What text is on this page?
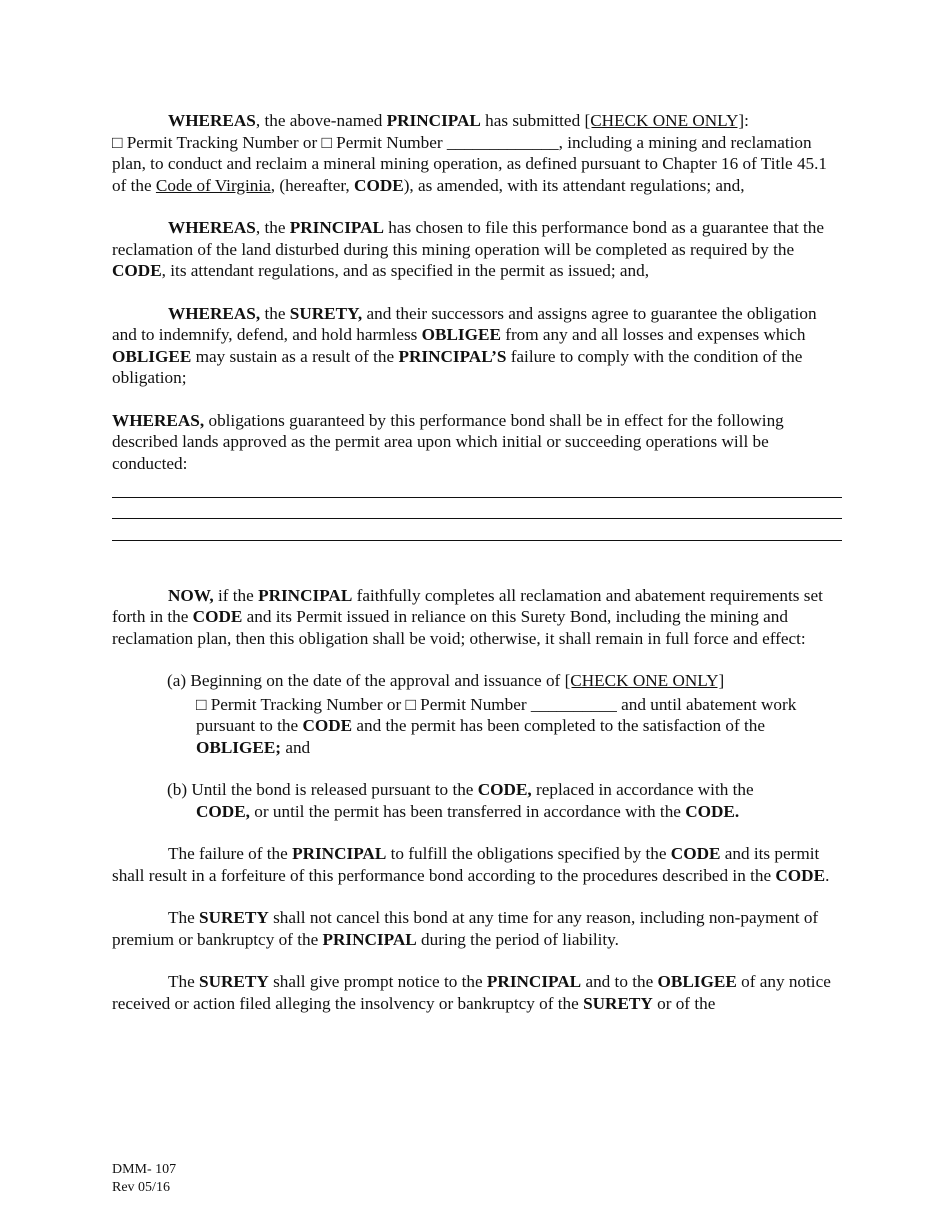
WHEREAS, the above-named PRINCIPAL has submitted [CHECK ONE ONLY]:
□ Permit Tracking Number or □ Permit Number _____________, including a mining and reclamation plan, to conduct and reclaim a mineral mining operation, as defined pursuant to Chapter 16 of Title 45.1 of the Code of Virginia, (hereafter, CODE), as amended, with its attendant regulations; and,

WHEREAS, the PRINCIPAL has chosen to file this performance bond as a guarantee that the reclamation of the land disturbed during this mining operation will be completed as required by the CODE, its attendant regulations, and as specified in the permit as issued; and,

WHEREAS, the SURETY, and their successors and assigns agree to guarantee the obligation and to indemnify, defend, and hold harmless OBLIGEE from any and all losses and expenses which OBLIGEE may sustain as a result of the PRINCIPAL’S failure to comply with the condition of the obligation;

WHEREAS, obligations guaranteed by this performance bond shall be in effect for the following described lands approved as the permit area upon which initial or succeeding operations will be conducted:

NOW, if the PRINCIPAL faithfully completes all reclamation and abatement requirements set forth in the CODE and its Permit issued in reliance on this Surety Bond, including the mining and reclamation plan, then this obligation shall be void; otherwise, it shall remain in full force and effect:

(a) Beginning on the date of the approval and issuance of [CHECK ONE ONLY]
□ Permit Tracking Number or □ Permit Number __________ and until abatement work pursuant to the CODE and the permit has been completed to the satisfaction of the OBLIGEE; and
(b) Until the bond is released pursuant to the CODE, replaced in accordance with the
CODE, or until the permit has been transferred in accordance with the CODE.

The failure of the PRINCIPAL to fulfill the obligations specified by the CODE and its permit shall result in a forfeiture of this performance bond according to the procedures described in the CODE.

The SURETY shall not cancel this bond at any time for any reason, including non-payment of premium or bankruptcy of the PRINCIPAL during the period of liability.

The SURETY shall give prompt notice to the PRINCIPAL and to the OBLIGEE of any notice received or action filed alleging the insolvency or bankruptcy of the SURETY or of the

DMM- 107
Rev 05/16
